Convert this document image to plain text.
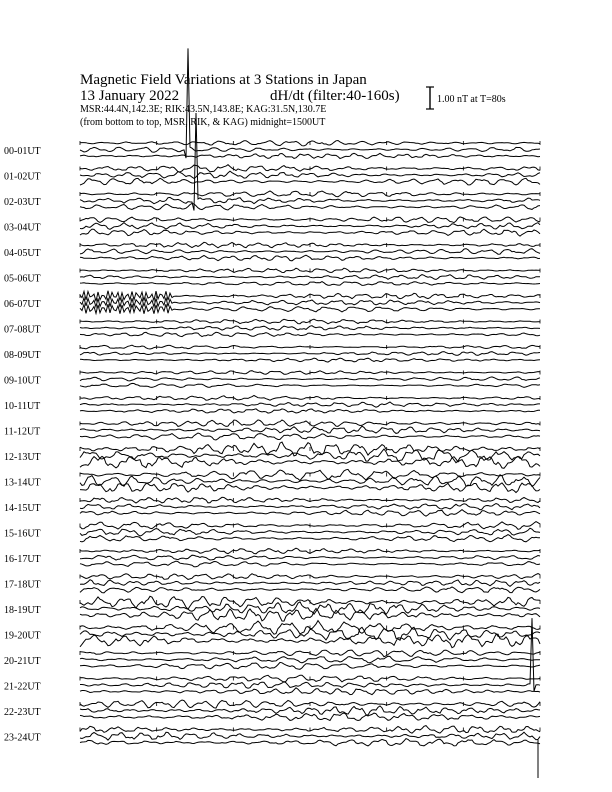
Magnetic Field Variations at 3 Stations in Japan
13 January 2022	dH/dt (filter:40-160s)
MSR:44.4N,142.3E; RIK:43.5N,143.8E; KAG:31.5N,130.7E
(from bottom to top, MSR, RIK, & KAG) midnight=1500UT
1.00 nT at T=80s
00-01UT
01-02UT
02-03UT
03-04UT
04-05UT
05-06UT
06-07UT
07-08UT
08-09UT
09-10UT
10-11UT
11-12UT
12-13UT
13-14UT
14-15UT
15-16UT
16-17UT
17-18UT
18-19UT
19-20UT
20-21UT
21-22UT
22-23UT
23-24UT
